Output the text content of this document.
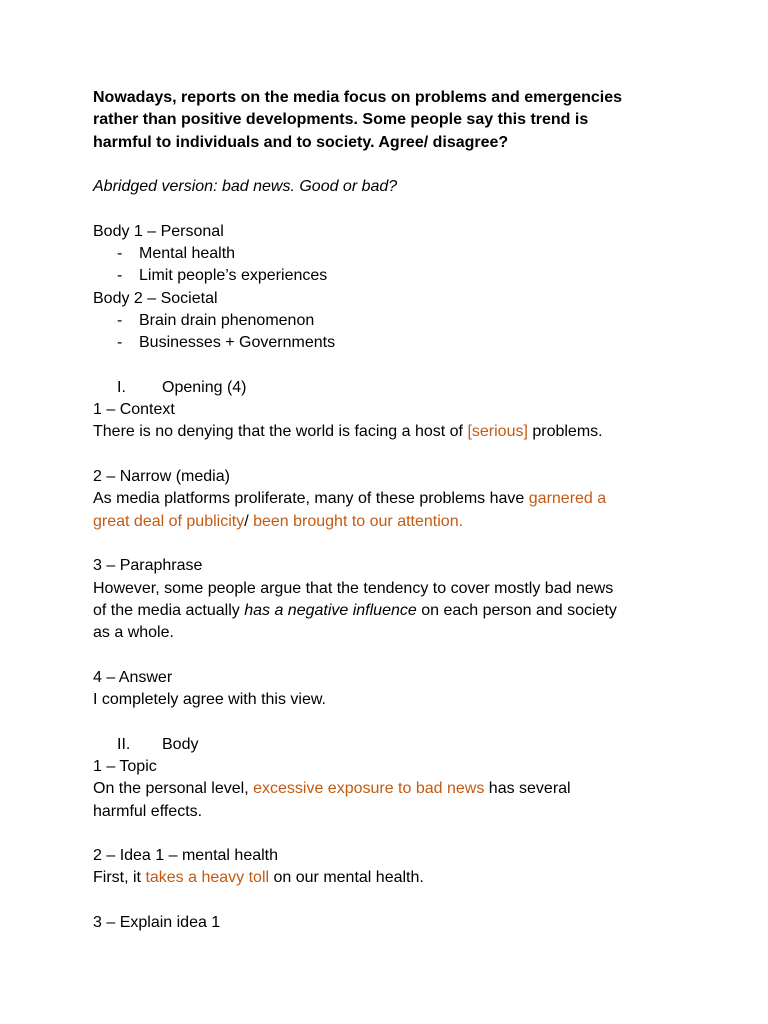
Nowadays, reports on the media focus on problems and emergencies
rather than positive developments. Some people say this trend is
harmful to individuals and to society. Agree/ disagree?
Abridged version: bad news. Good or bad?
Body 1 – Personal
-	Mental health
-	Limit people’s experiences
Body 2 – Societal
-	Brain drain phenomenon
-	Businesses + Governments
I.	Opening (4)
1 – Context
There is no denying that the world is facing a host of [serious] problems.
2 – Narrow (media)
As media platforms proliferate, many of these problems have garnered a
great deal of publicity/ been brought to our attention.
3 – Paraphrase
However, some people argue that the tendency to cover mostly bad news
of the media actually has a negative influence on each person and society
as a whole.
4 – Answer
I completely agree with this view.
II.	Body
1 – Topic
On the personal level, excessive exposure to bad news has several
harmful effects.
2 – Idea 1 – mental health
First, it takes a heavy toll on our mental health.
3 – Explain idea 1
